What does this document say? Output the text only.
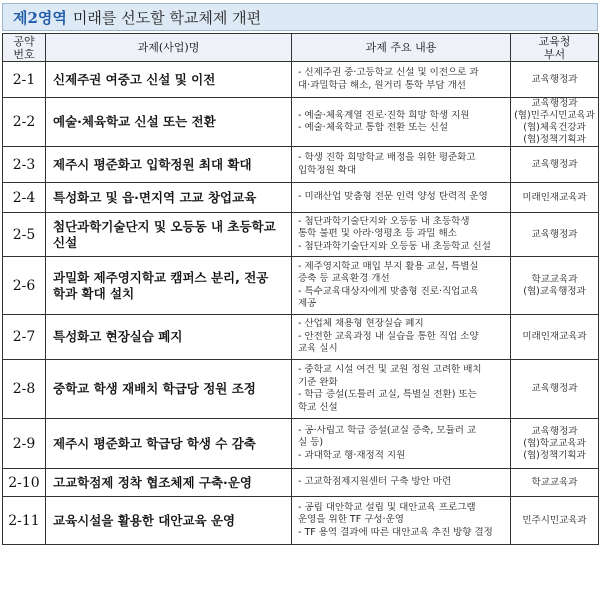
제2영역 미래를 선도할 학교체제 개편
공약
번호	과제(사업)명	과제 주요 내용	교육청
부서

2-1	신제주권 여중고 신설 및 이전	- 신제주권 중·고등학교 신설 및 이전으로 과
대·과밀학급 해소, 원거리 통학 부담 개선	교육행정과

2-2	예술·체육학교 신설 또는 전환	- 예술·체육계열 진로·진학 희망 학생 지원
- 예술·체육학교 통합 전환 또는 신설	교육행정과
(협)민주시민교육과
(협)체육건강과
(협)정책기획과

2-3	제주시 평준화고 입학정원 최대 확대	- 학생 진학 희망학교 배정을 위한 평준화고
입학정원 확대	교육행정과

2-4	특성화고 및 읍·면지역 고교 창업교육	- 미래산업 맞춤형 전문 인력 양성 탄력적 운영	미래인재교육과

2-5	첨단과학기술단지 및 오등동 내 초등학교
신설	- 첨단과학기술단지와 오등동 내 초등학생
통학 불편 및 아라·영평초 등 과밀 해소
- 첨단과학기술단지와 오등동 내 초등학교 신설	교육행정과

2-6	과밀화 제주영지학교 캠퍼스 분리, 전공
학과 확대 설치	- 제주영지학교 매입 부지 활용 교실, 특별실
증축 등 교육환경 개선
- 특수교육대상자에게 맞춤형 진로·직업교육
제공	학교교육과
(협)교육행정과

2-7	특성화고 현장실습 폐지	- 산업체 채용형 현장실습 폐지
- 안전한 교육과정 내 실습을 통한 직업 소양
교육 실시	미래인재교육과

2-8	중학교 학생 재배치 학급당 정원 조정	- 중학교 시설 여건 및 교원 정원 고려한 배치
기준 완화
- 학급 증설(도틀러 교실, 특별실 전환) 또는
학교 신설	교육행정과

2-9	제주시 평준화고 학급당 학생 수 감축	- 공·사립고 학급 증설(교실 증축, 모듈러 교
실 등)
- 과대학교 행·재정적 지원	교육행정과
(협)학교교육과
(협)정책기획과

2-10	고교학점제 정착 협조체제 구축·운영	- 고교학점제지원센터 구축 방안 마련	학교교육과

2-11	교육시설을 활용한 대안교육 운영	- 공립 대안학교 설립 및 대안교육 프로그램
운영을 위한 TF 구성·운영
- TF 용역 결과에 따른 대안교육 추진 방향 결정	민주시민교육과
